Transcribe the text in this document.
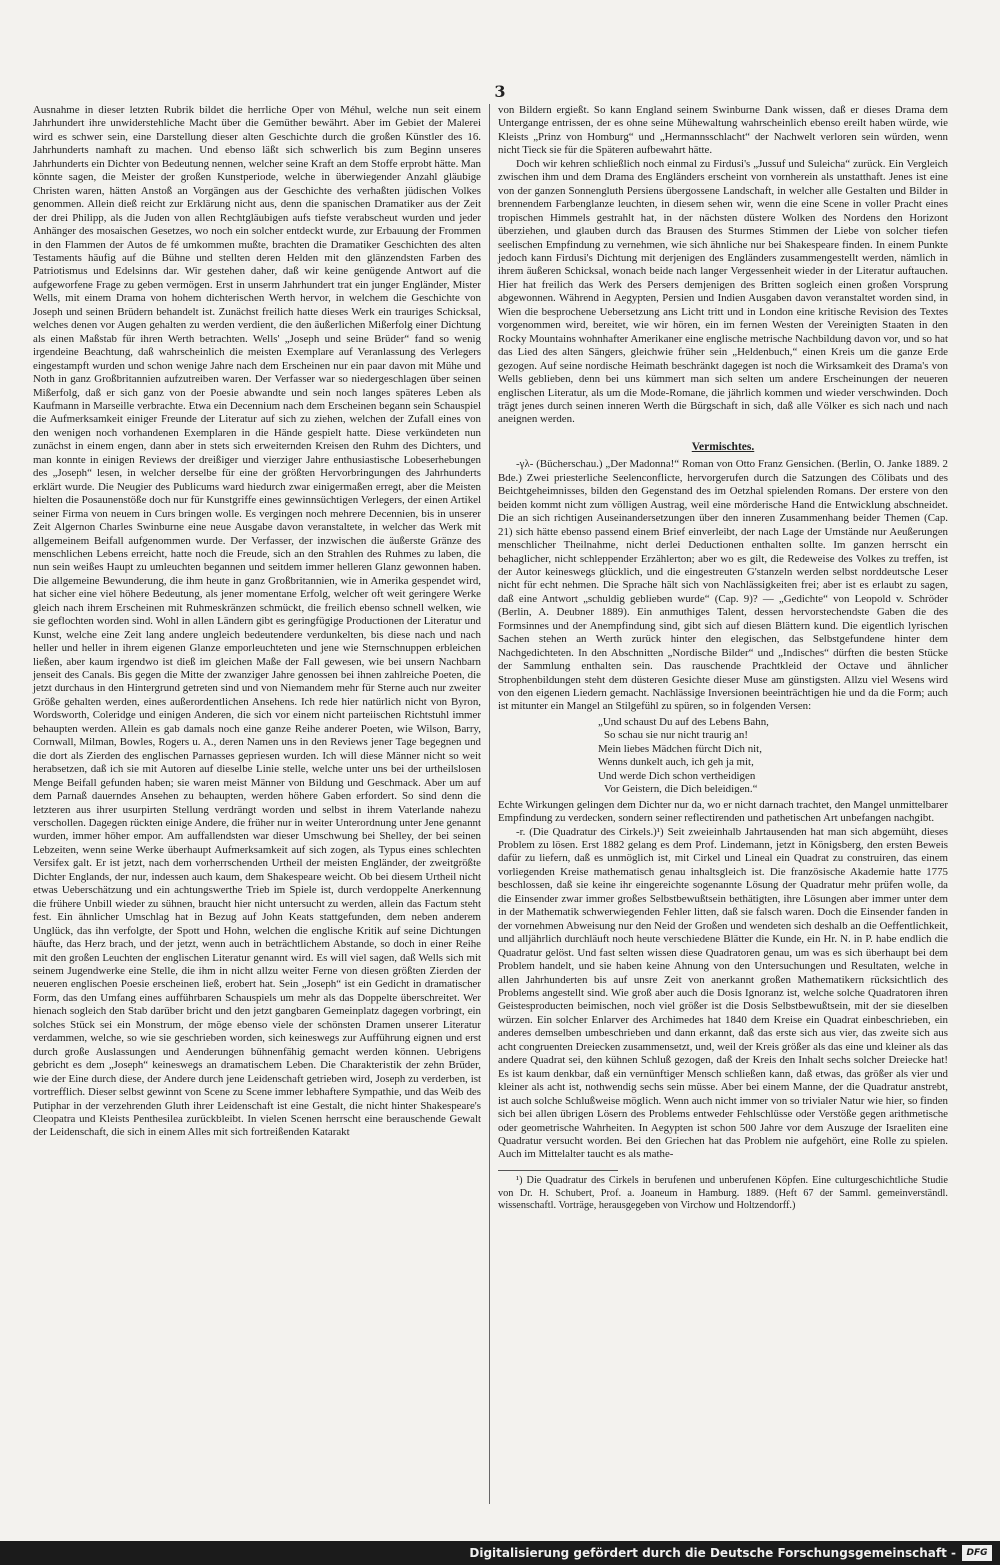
3

Ausnahme in dieser letzten Rubrik bildet die herrliche Oper von Méhul, welche nun seit einem Jahrhundert ihre unwiderstehliche Macht über die Gemüther bewährt. Aber im Gebiet der Malerei wird es schwer sein, eine Darstellung dieser alten Geschichte durch die großen Künstler des 16. Jahrhunderts namhaft zu machen. Und ebenso läßt sich schwerlich bis zum Beginn unseres Jahrhunderts ein Dichter von Bedeutung nennen, welcher seine Kraft an dem Stoffe erprobt hätte. Man könnte sagen, die Meister der großen Kunstperiode, welche in überwiegender Anzahl gläubige Christen waren, hätten Anstoß an Vorgängen aus der Geschichte des verhaßten jüdischen Volkes genommen. Allein dieß reicht zur Erklärung nicht aus, denn die spanischen Dramatiker aus der Zeit der drei Philipp, als die Juden von allen Rechtgläubigen aufs tiefste verabscheut wurden und jeder Anhänger des mosaischen Gesetzes, wo noch ein solcher entdeckt wurde, zur Erbauung der Frommen in den Flammen der Autos de fé umkommen mußte, brachten die Dramatiker Geschichten des alten Testaments häufig auf die Bühne und stellten deren Helden mit den glänzendsten Farben des Patriotismus und Edelsinns dar. Wir gestehen daher, daß wir keine genügende Antwort auf die aufgeworfene Frage zu geben vermögen. Erst in unserm Jahrhundert trat ein junger Engländer, Mister Wells, mit einem Drama von hohem dichterischen Werth hervor, in welchem die Geschichte von Joseph und seinen Brüdern behandelt ist. Zunächst freilich hatte dieses Werk ein trauriges Schicksal, welches denen vor Augen gehalten zu werden verdient, die den äußerlichen Mißerfolg einer Dichtung als einen Maßstab für ihren Werth betrachten. Wells' „Joseph und seine Brüder“ fand so wenig irgendeine Beachtung, daß wahrscheinlich die meisten Exemplare auf Veranlassung des Verlegers eingestampft wurden und schon wenige Jahre nach dem Erscheinen nur ein paar davon mit Mühe und Noth in ganz Großbritannien aufzutreiben waren. Der Verfasser war so niedergeschlagen über seinen Mißerfolg, daß er sich ganz von der Poesie abwandte und sein noch langes späteres Leben als Kaufmann in Marseille verbrachte. Etwa ein Decennium nach dem Erscheinen begann sein Schauspiel die Aufmerksamkeit einiger Freunde der Literatur auf sich zu ziehen, welchen der Zufall eines von den wenigen noch vorhandenen Exemplaren in die Hände gespielt hatte. Diese verkündeten nun zunächst in einem engen, dann aber in stets sich erweiternden Kreisen den Ruhm des Dichters, und man konnte in einigen Reviews der dreißiger und vierziger Jahre enthusiastische Lobeserhebungen des „Joseph“ lesen, in welcher derselbe für eine der größten Hervorbringungen des Jahrhunderts erklärt wurde. Die Neugier des Publicums ward hiedurch zwar einigermaßen erregt, aber die Meisten hielten die Posaunenstöße doch nur für Kunstgriffe eines gewinnsüchtigen Verlegers, der einen Artikel seiner Firma von neuem in Curs bringen wolle. Es vergingen noch mehrere Decennien, bis in unserer Zeit Algernon Charles Swinburne eine neue Ausgabe davon veranstaltete, in welcher das Werk mit allgemeinem Beifall aufgenommen wurde. Der Verfasser, der inzwischen die äußerste Gränze des menschlichen Lebens erreicht, hatte noch die Freude, sich an den Strahlen des Ruhmes zu laben, die nun sein weißes Haupt zu umleuchten begannen und seitdem immer helleren Glanz gewonnen haben. Die allgemeine Bewunderung, die ihm heute in ganz Großbritannien, wie in Amerika gespendet wird, hat sicher eine viel höhere Bedeutung, als jener momentane Erfolg, welcher oft weit geringere Werke gleich nach ihrem Erscheinen mit Ruhmeskränzen schmückt, die freilich ebenso schnell welken, wie sie geflochten worden sind. Wohl in allen Ländern gibt es geringfügige Productionen der Literatur und Kunst, welche eine Zeit lang andere ungleich bedeutendere verdunkelten, bis diese nach und nach heller und heller in ihrem eigenen Glanze emporleuchteten und jene wie Sternschnuppen erbleichen ließen, aber kaum irgendwo ist dieß im gleichen Maße der Fall gewesen, wie bei unsern Nachbarn jenseit des Canals. Bis gegen die Mitte der zwanziger Jahre genossen bei ihnen zahlreiche Poeten, die jetzt durchaus in den Hintergrund getreten sind und von Niemandem mehr für Sterne auch nur zweiter Größe gehalten werden, eines außerordentlichen Ansehens. Ich rede hier natürlich nicht von Byron, Wordsworth, Coleridge und einigen Anderen, die sich vor einem nicht parteiischen Richtstuhl immer behaupten werden. Allein es gab damals noch eine ganze Reihe anderer Poeten, wie Wilson, Barry, Cornwall, Milman, Bowles, Rogers u. A., deren Namen uns in den Reviews jener Tage begegnen und die dort als Zierden des englischen Parnasses gepriesen wurden. Ich will diese Männer nicht so weit herabsetzen, daß ich sie mit Autoren auf dieselbe Linie stelle, welche unter uns bei der urtheilslosen Menge Beifall gefunden haben; sie waren meist Männer von Bildung und Geschmack. Aber um auf dem Parnaß dauerndes Ansehen zu behaupten, werden höhere Gaben erfordert. So sind denn die letzteren aus ihrer usurpirten Stellung verdrängt worden und selbst in ihrem Vaterlande nahezu verschollen. Dagegen rückten einige Andere, die früher nur in weiter Unterordnung unter Jene genannt wurden, immer höher empor. Am auffallendsten war dieser Umschwung bei Shelley, der bei seinen Lebzeiten, wenn seine Werke überhaupt Aufmerksamkeit auf sich zogen, als Typus eines schlechten Versifex galt. Er ist jetzt, nach dem vorherrschenden Urtheil der meisten Engländer, der zweitgrößte Dichter Englands, der nur, indessen auch kaum, dem Shakespeare weicht. Ob bei diesem Urtheil nicht etwas Ueberschätzung und ein achtungswerthe Trieb im Spiele ist, durch verdoppelte Anerkennung die frühere Unbill wieder zu sühnen, braucht hier nicht untersucht zu werden, allein das Factum steht fest. Ein ähnlicher Umschlag hat in Bezug auf John Keats stattgefunden, dem neben anderem Unglück, das ihn verfolgte, der Spott und Hohn, welchen die englische Kritik auf seine Dichtungen häufte, das Herz brach, und der jetzt, wenn auch in beträchtlichem Abstande, so doch in einer Reihe mit den großen Leuchten der englischen Literatur genannt wird. Es will viel sagen, daß Wells sich mit seinem Jugendwerke eine Stelle, die ihm in nicht allzu weiter Ferne von diesen größten Zierden der neueren englischen Poesie erscheinen ließ, erobert hat. Sein „Joseph“ ist ein Gedicht in dramatischer Form, das den Umfang eines aufführbaren Schauspiels um mehr als das Doppelte überschreitet. Wer hienach sogleich den Stab darüber bricht und den jetzt gangbaren Gemeinplatz dagegen vorbringt, ein solches Stück sei ein Monstrum, der möge ebenso viele der schönsten Dramen unserer Literatur verdammen, welche, so wie sie geschrieben worden, sich keineswegs zur Aufführung eignen und erst durch große Auslassungen und Aenderungen bühnenfähig gemacht werden können. Uebrigens gebricht es dem „Joseph“ keineswegs an dramatischem Leben. Die Charakteristik der zehn Brüder, wie der Eine durch diese, der Andere durch jene Leidenschaft getrieben wird, Joseph zu verderben, ist vortrefflich. Dieser selbst gewinnt von Scene zu Scene immer lebhaftere Sympathie, und das Weib des Putiphar in der verzehrenden Gluth ihrer Leidenschaft ist eine Gestalt, die nicht hinter Shakespeare's Cleopatra und Kleists Penthesilea zurückbleibt. In vielen Scenen herrscht eine berauschende Gewalt der Leidenschaft, die sich in einem Alles mit sich fortreißenden Katarakt

von Bildern ergießt. So kann England seinem Swinburne Dank wissen, daß er dieses Drama dem Untergange entrissen, der es ohne seine Mühewaltung wahrscheinlich ebenso ereilt haben würde, wie Kleists „Prinz von Homburg“ und „Hermannsschlacht“ der Nachwelt verloren sein würden, wenn nicht Tieck sie für die Späteren aufbewahrt hätte.

Doch wir kehren schließlich noch einmal zu Firdusi's „Jussuf und Suleicha“ zurück. Ein Vergleich zwischen ihm und dem Drama des Engländers erscheint von vornherein als unstatthaft. Jenes ist eine von der ganzen Sonnengluth Persiens übergossene Landschaft, in welcher alle Gestalten und Bilder in brennendem Farbenglanze leuchten, in diesem sehen wir, wenn die eine Scene in voller Pracht eines tropischen Himmels gestrahlt hat, in der nächsten düstere Wolken des Nordens den Horizont überziehen, und glauben durch das Brausen des Sturmes Stimmen der Liebe von solcher tiefen seelischen Empfindung zu vernehmen, wie sich ähnliche nur bei Shakespeare finden. In einem Punkte jedoch kann Firdusi's Dichtung mit derjenigen des Engländers zusammengestellt werden, nämlich in ihrem äußeren Schicksal, wonach beide nach langer Vergessenheit wieder in der Literatur auftauchen. Hier hat freilich das Werk des Persers demjenigen des Britten sogleich einen großen Vorsprung abgewonnen. Während in Aegypten, Persien und Indien Ausgaben davon veranstaltet worden sind, in Wien die besprochene Uebersetzung ans Licht tritt und in London eine kritische Revision des Textes vorgenommen wird, bereitet, wie wir hören, ein im fernen Westen der Vereinigten Staaten in den Rocky Mountains wohnhafter Amerikaner eine englische metrische Nachbildung davon vor, und so hat das Lied des alten Sängers, gleichwie früher sein „Heldenbuch,“ einen Kreis um die ganze Erde gezogen. Auf seine nordische Heimath beschränkt dagegen ist noch die Wirksamkeit des Drama's von Wells geblieben, denn bei uns kümmert man sich selten um andere Erscheinungen der neueren englischen Literatur, als um die Mode-Romane, die jährlich kommen und wieder verschwinden. Doch trägt jenes durch seinen inneren Werth die Bürgschaft in sich, daß alle Völker es sich nach und nach aneignen werden.

Vermischtes.

-γλ- (Bücherschau.) „Der Madonna!“ Roman von Otto Franz Gensichen. (Berlin, O. Janke 1889. 2 Bde.) Zwei priesterliche Seelenconflicte, hervorgerufen durch die Satzungen des Cölibats und des Beichtgeheimnisses, bilden den Gegenstand des im Oetzhal spielenden Romans. Der erstere von den beiden kommt nicht zum völligen Austrag, weil eine mörderische Hand die Entwicklung abschneidet. Die an sich richtigen Auseinandersetzungen über den inneren Zusammenhang beider Themen (Cap. 21) sich hätte ebenso passend einem Brief einverleibt, der nach Lage der Umstände nur Aeußerungen menschlicher Theilnahme, nicht derlei Deductionen enthalten sollte. Im ganzen herrscht ein behaglicher, nicht schleppender Erzählerton; aber wo es gilt, die Redeweise des Volkes zu treffen, ist der Autor keineswegs glücklich, und die eingestreuten G'stanzeln werden selbst norddeutsche Leser nicht für echt nehmen. Die Sprache hält sich von Nachlässigkeiten frei; aber ist es erlaubt zu sagen, daß eine Antwort „schuldig geblieben wurde“ (Cap. 9)? — „Gedichte“ von Leopold v. Schröder (Berlin, A. Deubner 1889). Ein anmuthiges Talent, dessen hervorstechendste Gaben die des Formsinnes und der Anempfindung sind, gibt sich auf diesen Blättern kund. Die eigentlich lyrischen Sachen stehen an Werth zurück hinter den elegischen, das Selbstgefundene hinter dem Nachgedichteten. In den Abschnitten „Nordische Bilder“ und „Indisches“ dürften die besten Stücke der Sammlung enthalten sein. Das rauschende Prachtkleid der Octave und ähnlicher Strophenbildungen steht dem düsteren Gesichte dieser Muse am günstigsten. Allzu viel Wesens wird von den eigenen Liedern gemacht. Nachlässige Inversionen beeinträchtigen hie und da die Form; auch ist mitunter ein Mangel an Stilgefühl zu spüren, so in folgenden Versen:

„Und schaust Du auf des Lebens Bahn,
So schau sie nur nicht traurig an!
Mein liebes Mädchen fürcht Dich nit,
Wenns dunkelt auch, ich geh ja mit,
Und werde Dich schon vertheidigen
Vor Geistern, die Dich beleidigen.“

Echte Wirkungen gelingen dem Dichter nur da, wo er nicht darnach trachtet, den Mangel unmittelbarer Empfindung zu verdecken, sondern seiner reflectirenden und pathetischen Art unbefangen nachgibt.

-r. (Die Quadratur des Cirkels.)¹) Seit zweieinhalb Jahrtausenden hat man sich abgemüht, dieses Problem zu lösen. Erst 1882 gelang es dem Prof. Lindemann, jetzt in Königsberg, den ersten Beweis dafür zu liefern, daß es unmöglich ist, mit Cirkel und Lineal ein Quadrat zu construiren, das einem vorliegenden Kreise mathematisch genau inhaltsgleich ist. Die französische Akademie hatte 1775 beschlossen, daß sie keine ihr eingereichte sogenannte Lösung der Quadratur mehr prüfen wolle, da die Einsender zwar immer großes Selbstbewußtsein bethätigten, ihre Lösungen aber immer unter dem in der Mathematik schwerwiegenden Fehler litten, daß sie falsch waren. Doch die Einsender fanden in der vornehmen Abweisung nur den Neid der Großen und wendeten sich deshalb an die Oeffentlichkeit, und alljährlich durchläuft noch heute verschiedene Blätter die Kunde, ein Hr. N. in P. habe endlich die Quadratur gelöst. Und fast selten wissen diese Quadratoren genau, um was es sich überhaupt bei dem Problem handelt, und sie haben keine Ahnung von den Untersuchungen und Resultaten, welche in allen Jahrhunderten bis auf unsre Zeit von anerkannt großen Mathematikern rücksichtlich des Problems angestellt sind. Wie groß aber auch die Dosis Ignoranz ist, welche solche Quadratoren ihren Geistesproducten beimischen, noch viel größer ist die Dosis Selbstbewußtsein, mit der sie dieselben würzen. Ein solcher Enlarver des Archimedes hat 1840 dem Kreise ein Quadrat einbeschrieben, ein anderes demselben umbeschrieben und dann erkannt, daß das erste sich aus vier, das zweite sich aus acht congruenten Dreiecken zusammensetzt, und, weil der Kreis größer als das eine und kleiner als das andere Quadrat sei, den kühnen Schluß gezogen, daß der Kreis den Inhalt sechs solcher Dreiecke hat! Es ist kaum denkbar, daß ein vernünftiger Mensch schließen kann, daß etwas, das größer als vier und kleiner als acht ist, nothwendig sechs sein müsse. Aber bei einem Manne, der die Quadratur anstrebt, ist auch solche Schlußweise möglich. Wenn auch nicht immer von so trivialer Natur wie hier, so finden sich bei allen übrigen Lösern des Problems entweder Fehlschlüsse oder Verstöße gegen arithmetische oder geometrische Wahrheiten. In Aegypten ist schon 500 Jahre vor dem Auszuge der Israeliten eine Quadratur versucht worden. Bei den Griechen hat das Problem nie aufgehört, eine Rolle zu spielen. Auch im Mittelalter taucht es als mathe-

¹) Die Quadratur des Cirkels in berufenen und unberufenen Köpfen. Eine culturgeschichtliche Studie von Dr. H. Schubert, Prof. a. Joaneum in Hamburg. 1889. (Heft 67 der Samml. gemeinverständl. wissenschaftl. Vorträge, herausgegeben von Virchow und Holtzendorff.)

Digitalisierung gefördert durch die Deutsche Forschungsgemeinschaft -	DFG
